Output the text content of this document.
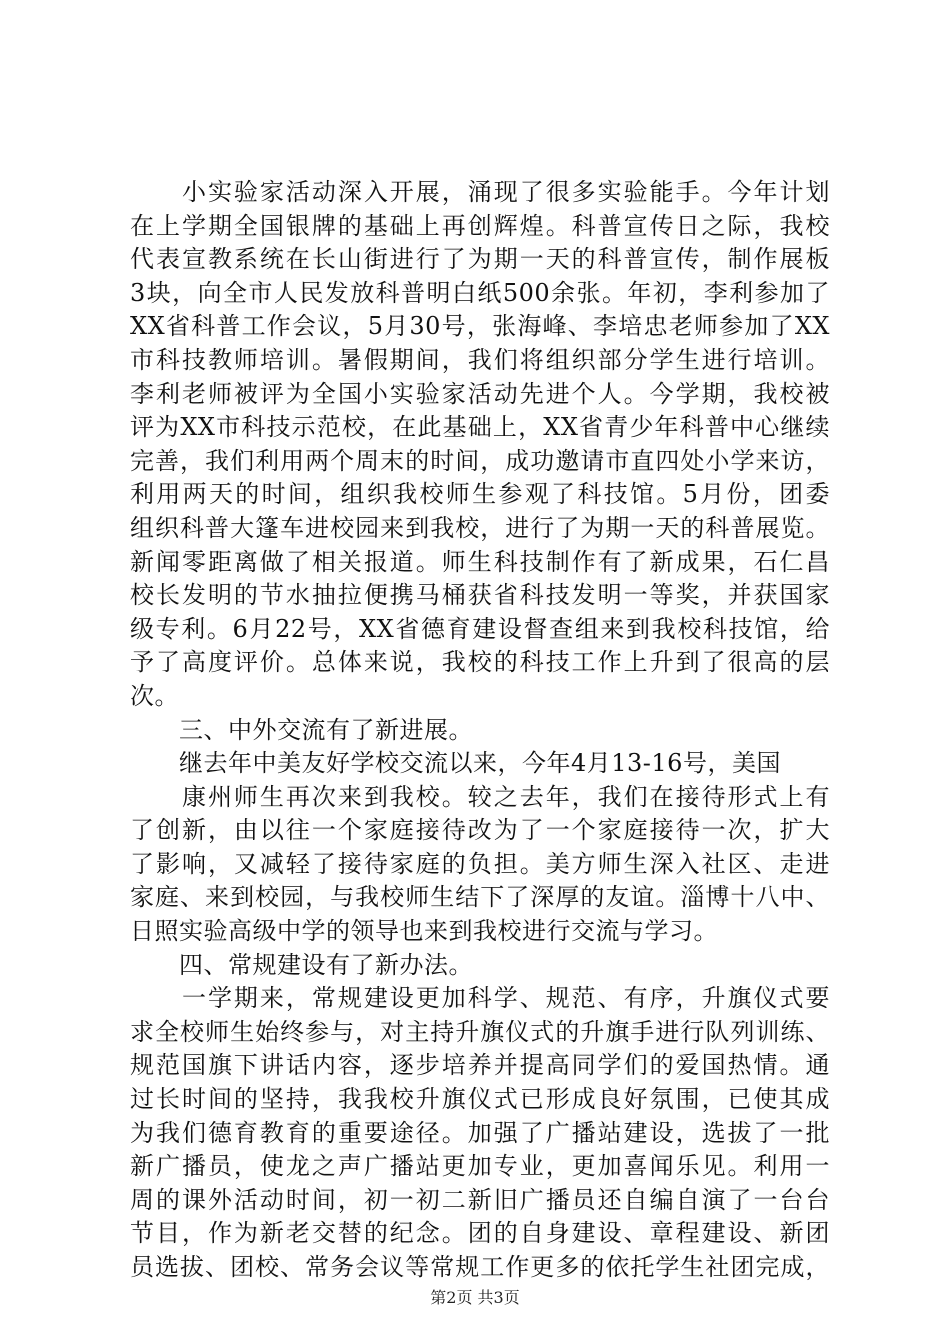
　　小实验家活动深入开展，涌现了很多实验能手。今年计划
在上学期全国银牌的基础上再创辉煌。科普宣传日之际，我校
代表宣教系统在长山街进行了为期一天的科普宣传，制作展板
3块，向全市人民发放科普明白纸500余张。年初，李利参加了
XX省科普工作会议，5月30号，张海峰、李培忠老师参加了XX
市科技教师培训。暑假期间，我们将组织部分学生进行培训。
李利老师被评为全国小实验家活动先进个人。今学期，我校被
评为XX市科技示范校，在此基础上，XX省青少年科普中心继续
完善，我们利用两个周末的时间，成功邀请市直四处小学来访，
利用两天的时间，组织我校师生参观了科技馆。5月份，团委
组织科普大篷车进校园来到我校，进行了为期一天的科普展览。
新闻零距离做了相关报道。师生科技制作有了新成果，石仁昌
校长发明的节水抽拉便携马桶获省科技发明一等奖，并获国家
级专利。6月22号，XX省德育建设督查组来到我校科技馆，给
予了高度评价。总体来说，我校的科技工作上升到了很高的层
次。
　　三、中外交流有了新进展。
　　继去年中美友好学校交流以来，今年4月13-16号，美国
　　康州师生再次来到我校。较之去年，我们在接待形式上有
了创新，由以往一个家庭接待改为了一个家庭接待一次，扩大
了影响，又减轻了接待家庭的负担。美方师生深入社区、走进
家庭、来到校园，与我校师生结下了深厚的友谊。淄博十八中、
日照实验高级中学的领导也来到我校进行交流与学习。
　　四、常规建设有了新办法。
　　一学期来，常规建设更加科学、规范、有序，升旗仪式要
求全校师生始终参与，对主持升旗仪式的升旗手进行队列训练、
规范国旗下讲话内容，逐步培养并提高同学们的爱国热情。通
过长时间的坚持，我我校升旗仪式已形成良好氛围，已使其成
为我们德育教育的重要途径。加强了广播站建设，选拔了一批
新广播员，使龙之声广播站更加专业，更加喜闻乐见。利用一
周的课外活动时间，初一初二新旧广播员还自编自演了一台台
节目，作为新老交替的纪念。团的自身建设、章程建设、新团
员选拔、团校、常务会议等常规工作更多的依托学生社团完成，
第2页 共3页
